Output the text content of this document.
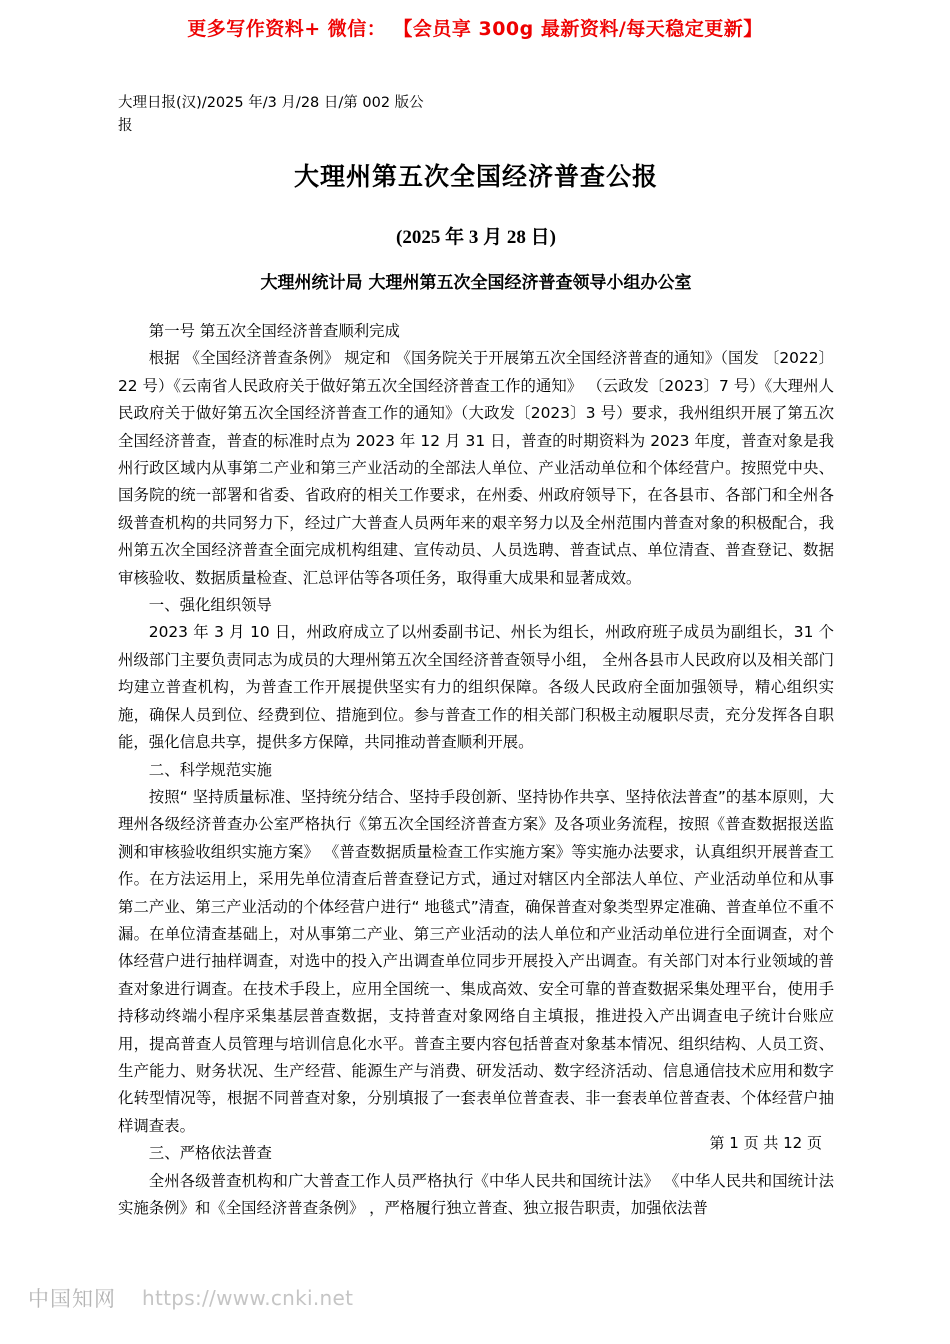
更多写作资料+ 微信： 【会员享 300g 最新资料/每天稳定更新】
大理日报(汉)/2025 年/3 月/28 日/第 002 版公报
大理州第五次全国经济普查公报
(2025 年 3 月 28 日)
大理州统计局 大理州第五次全国经济普查领导小组办公室

第一号 第五次全国经济普查顺利完成

根据 《全国经济普查条例》 规定和 《国务院关于开展第五次全国经济普查的通知》（国发 〔2022〕22 号）《云南省人民政府关于做好第五次全国经济普查工作的通知》 （云政发〔2023〕7 号）《大理州人民政府关于做好第五次全国经济普查工作的通知》（大政发〔2023〕3 号）要求，我州组织开展了第五次全国经济普查，普查的标准时点为 2023 年 12 月 31 日，普查的时期资料为 2023 年度，普查对象是我州行政区域内从事第二产业和第三产业活动的全部法人单位、产业活动单位和个体经营户。按照党中央、国务院的统一部署和省委、省政府的相关工作要求，在州委、州政府领导下，在各县市、各部门和全州各级普查机构的共同努力下，经过广大普查人员两年来的艰辛努力以及全州范围内普查对象的积极配合，我州第五次全国经济普查全面完成机构组建、宣传动员、人员选聘、普查试点、单位清查、普查登记、数据审核验收、数据质量检查、汇总评估等各项任务，取得重大成果和显著成效。

一、强化组织领导

2023 年 3 月 10 日，州政府成立了以州委副书记、州长为组长，州政府班子成员为副组长，31 个州级部门主要负责同志为成员的大理州第五次全国经济普查领导小组， 全州各县市人民政府以及相关部门均建立普查机构，为普查工作开展提供坚实有力的组织保障。各级人民政府全面加强领导，精心组织实施，确保人员到位、经费到位、措施到位。参与普查工作的相关部门积极主动履职尽责，充分发挥各自职能，强化信息共享，提供多方保障，共同推动普查顺利开展。

二、科学规范实施

按照“ 坚持质量标准、坚持统分结合、坚持手段创新、坚持协作共享、坚持依法普查”的基本原则，大理州各级经济普查办公室严格执行《第五次全国经济普查方案》及各项业务流程，按照《普查数据报送监测和审核验收组织实施方案》 《普查数据质量检查工作实施方案》等实施办法要求，认真组织开展普查工作。在方法运用上，采用先单位清查后普查登记方式，通过对辖区内全部法人单位、产业活动单位和从事第二产业、第三产业活动的个体经营户进行“ 地毯式”清查，确保普查对象类型界定准确、普查单位不重不漏。在单位清查基础上，对从事第二产业、第三产业活动的法人单位和产业活动单位进行全面调查，对个体经营户进行抽样调查，对选中的投入产出调查单位同步开展投入产出调查。有关部门对本行业领域的普查对象进行调查。在技术手段上，应用全国统一、集成高效、安全可靠的普查数据采集处理平台，使用手持移动终端小程序采集基层普查数据，支持普查对象网络自主填报，推进投入产出调查电子统计台账应用，提高普查人员管理与培训信息化水平。普查主要内容包括普查对象基本情况、组织结构、人员工资、生产能力、财务状况、生产经营、能源生产与消费、研发活动、数字经济活动、信息通信技术应用和数字化转型情况等，根据不同普查对象，分别填报了一套表单位普查表、非一套表单位普查表、个体经营户抽样调查表。

三、严格依法普查

全州各级普查机构和广大普查工作人员严格执行《中华人民共和国统计法》 《中华人民共和国统计法实施条例》和《全国经济普查条例》 ，严格履行独立普查、独立报告职责，加强依法普

第 1 页 共 12 页
中国知网 https://www.cnki.net
